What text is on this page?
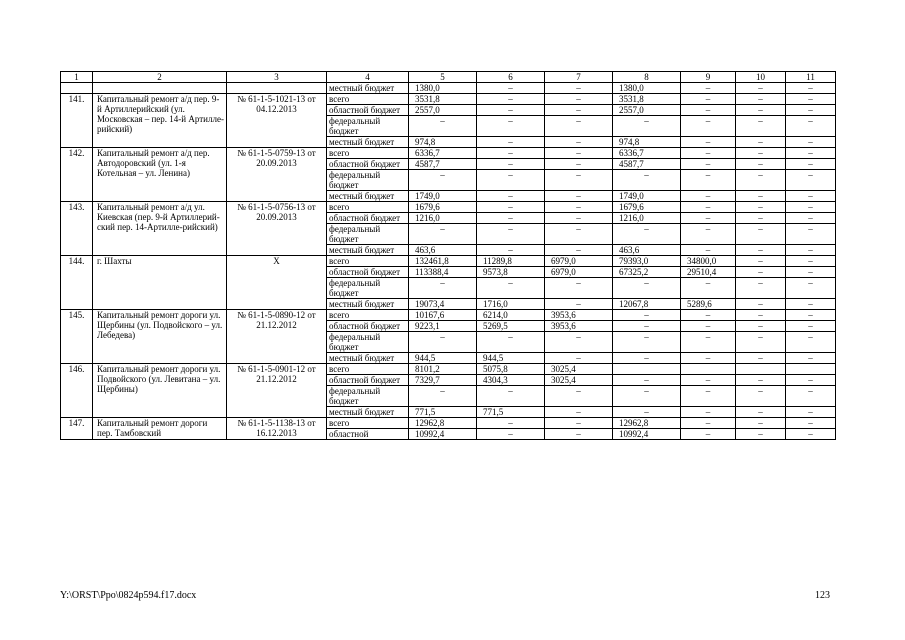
1	2	3	4	5	6	7	8	9	10	11
			местный бюджет	1380,0	–	–	1380,0	–	–	–
141.	Капитальный ремонт а/д пер. 9-й Артиллерийский (ул. Московская – пер. 14-й Артилле-рийский)	№ 61-1-5-1021-13 от 04.12.2013	всего	3531,8	–	–	3531,8	–	–	–
			областной бюджет	2557,0	–	–	2557,0	–	–	–
			федеральный бюджет	–	–	–	–	–	–	–
			местный бюджет	974,8	–	–	974,8	–	–	–
142.	Капитальный ремонт а/д пер. Автодоровский (ул. 1-я Котельная – ул. Ленина)	№ 61-1-5-0759-13 от 20.09.2013	всего	6336,7	–	–	6336,7	–	–	–
			областной бюджет	4587,7	–	–	4587,7	–	–	–
			федеральный бюджет	–	–	–	–	–	–	–
			местный бюджет	1749,0	–	–	1749,0	–	–	–
143.	Капитальный ремонт а/д ул. Киевская (пер. 9-й Артиллерий-ский пер. 14-Артилле-рийский)	№ 61-1-5-0756-13 от 20.09.2013	всего	1679,6	–	–	1679,6	–	–	–
			областной бюджет	1216,0	–	–	1216,0	–	–	–
			федеральный бюджет	–	–	–	–	–	–	–
			местный бюджет	463,6	–	–	463,6	–	–	–
144.	г. Шахты	Х	всего	132461,8	11289,8	6979,0	79393,0	34800,0	–	–
			областной бюджет	113388,4	9573,8	6979,0	67325,2	29510,4	–	–
			федеральный бюджет	–	–	–	–	–	–	–
			местный бюджет	19073,4	1716,0	–	12067,8	5289,6	–	–
145.	Капитальный ремонт дороги ул. Щербины (ул. Подвойского – ул. Лебедева)	№ 61-1-5-0890-12 от 21.12.2012	всего	10167,6	6214,0	3953,6	–	–	–	–
			областной бюджет	9223,1	5269,5	3953,6	–	–	–	–
			федеральный бюджет	–	–	–	–	–	–	–
			местный бюджет	944,5	944,5	–	–	–	–	–
146.	Капитальный ремонт дороги ул. Подвойского (ул. Левитана – ул. Щербины)	№ 61-1-5-0901-12 от 21.12.2012	всего	8101,2	5075,8	3025,4				
			областной бюджет	7329,7	4304,3	3025,4	–	–	–	–
			федеральный бюджет	–	–	–	–	–	–	–
			местный бюджет	771,5	771,5	–	–	–	–	–
147.	Капитальный ремонт дороги пер. Тамбовский	№ 61-1-5-1138-13 от 16.12.2013	всего	12962,8	–	–	12962,8	–	–	–
			областной	10992,4	–	–	10992,4	–	–	–
Y:\ORST\Ppo\0824p594.f17.docx	123
